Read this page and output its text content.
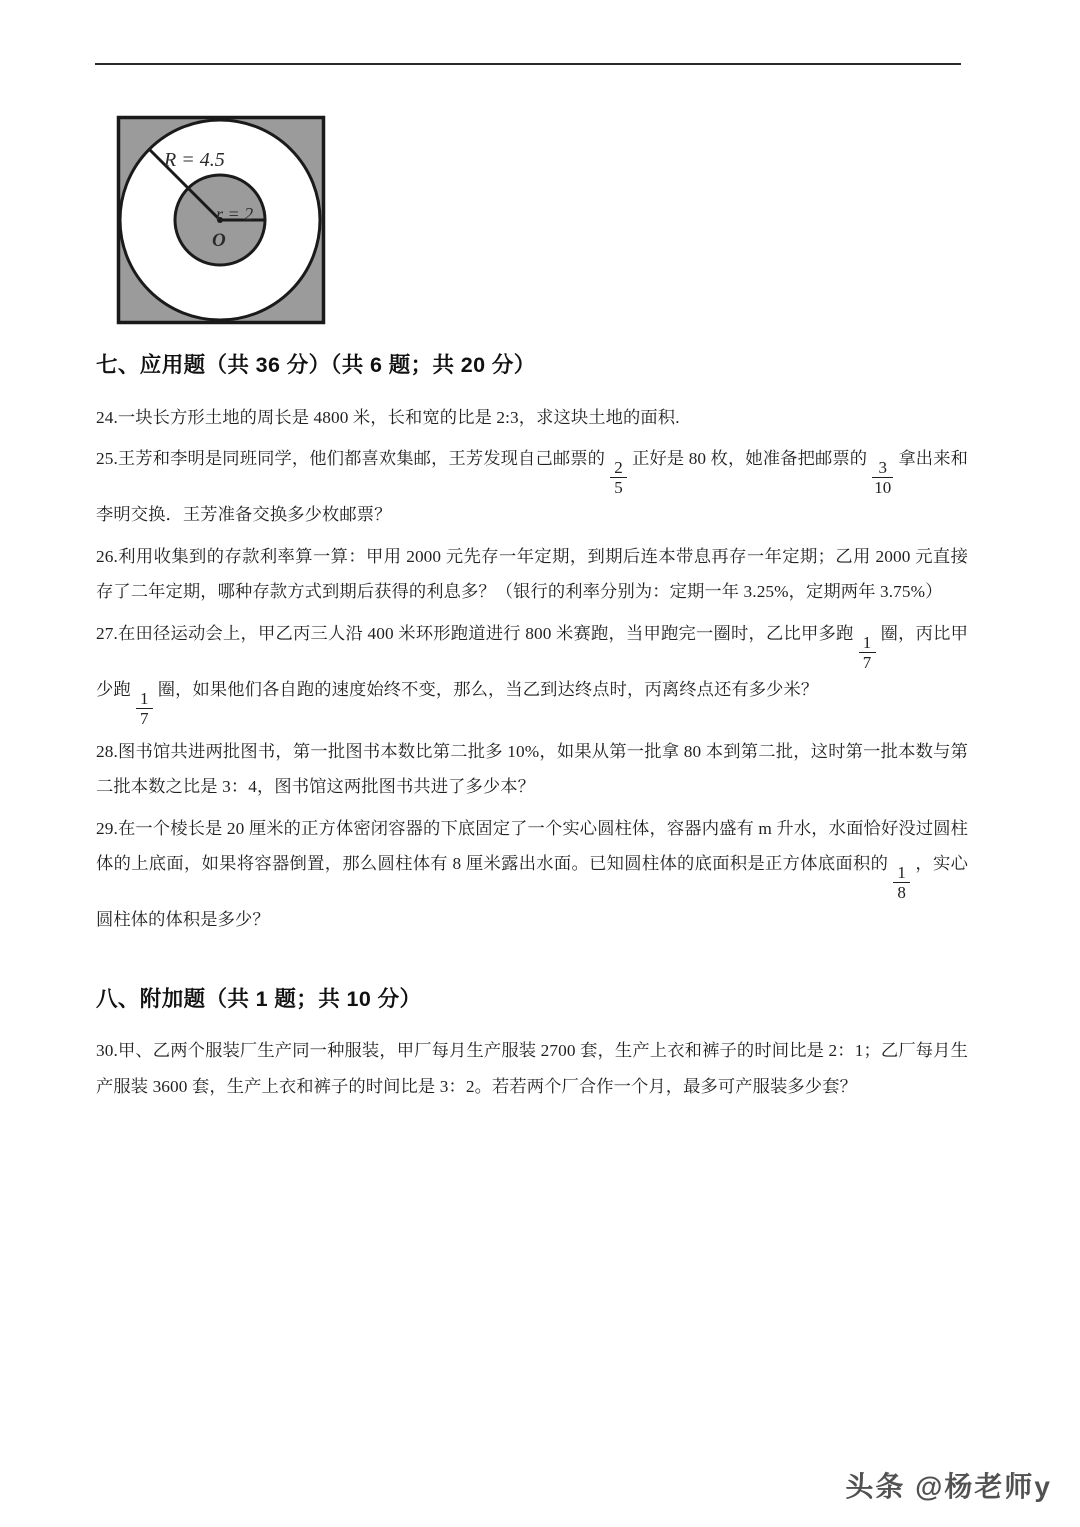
R = 4.5
r = 2
O
七、应用题（共 36 分）（共 6 题；共 20 分）

24.一块长方形土地的周长是 4800 米，长和宽的比是 2:3，求这块土地的面积.

25.王芳和李明是同班同学，他们都喜欢集邮，王芳发现自己邮票的 $\frac{2}{5}$ 正好是 80 枚，她准备把邮票的 $\frac{3}{10}$ 拿出来和李明交换．王芳准备交换多少枚邮票？

26.利用收集到的存款利率算一算：甲用 2000 元先存一年定期，到期后连本带息再存一年定期；乙用 2000 元直接存了二年定期，哪种存款方式到期后获得的利息多？（银行的利率分别为：定期一年 3.25%，定期两年 3.75%）

27.在田径运动会上，甲乙丙三人沿 400 米环形跑道进行 800 米赛跑，当甲跑完一圈时，乙比甲多跑 $\frac{1}{7}$ 圈，丙比甲少跑 $\frac{1}{7}$ 圈，如果他们各自跑的速度始终不变，那么，当乙到达终点时，丙离终点还有多少米？

28.图书馆共进两批图书，第一批图书本数比第二批多 10%，如果从第一批拿 80 本到第二批，这时第一批本数与第二批本数之比是 3：4，图书馆这两批图书共进了多少本？

29.在一个棱长是 20 厘米的正方体密闭容器的下底固定了一个实心圆柱体，容器内盛有 m 升水，水面恰好没过圆柱体的上底面，如果将容器倒置，那么圆柱体有 8 厘米露出水面。已知圆柱体的底面积是正方体底面积的 $\frac{1}{8}$ ，实心圆柱体的体积是多少？

八、附加题（共 1 题；共 10 分）

30.甲、乙两个服装厂生产同一种服装，甲厂每月生产服装 2700 套，生产上衣和裤子的时间比是 2：1；乙厂每月生产服装 3600 套，生产上衣和裤子的时间比是 3：2。若若两个厂合作一个月，最多可产服装多少套？

头条 @杨老师y
